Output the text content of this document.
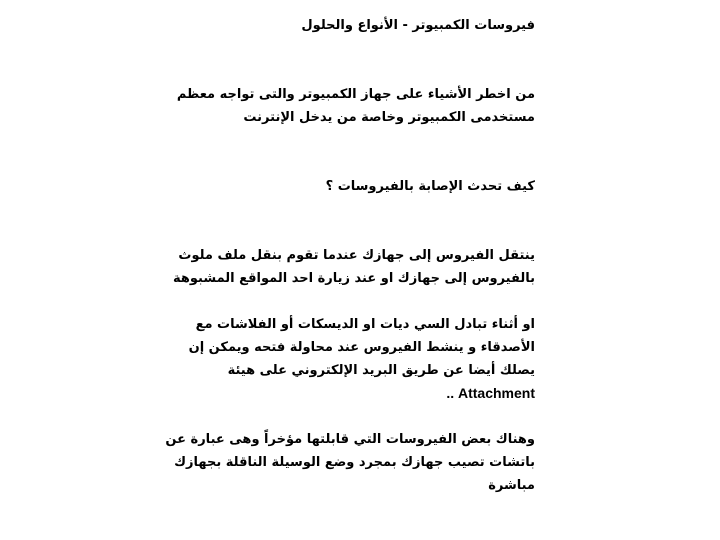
فيروسات الكمبيوتر - الأنواع والحلول
من اخطر الأشياء على جهاز الكمبيوتر والتى تواجه معظم
مستخدمى الكمبيوتر وخاصة من يدخل الإنترنت
كيف تحدث الإصابة بالفيروسات ؟
ينتقل الفيروس إلى جهازك عندما تقوم بنقل ملف ملوث
بالفيروس إلى جهازك او عند زيارة احد المواقع المشبوهة
او أثناء تبادل السي ديات او الديسكات أو الفلاشات مع
الأصدقاء و ينشط الفيروس عند محاولة فتحه ويمكن إن
يصلك أيضا عن طريق البريد الإلكتروني على هيئة
Attachment ..
وهناك بعض الفيروسات التي قابلتها مؤخراً وهى عبارة عن
باتشات تصيب جهازك بمجرد وضع الوسيلة الناقلة بجهازك
مباشرة
